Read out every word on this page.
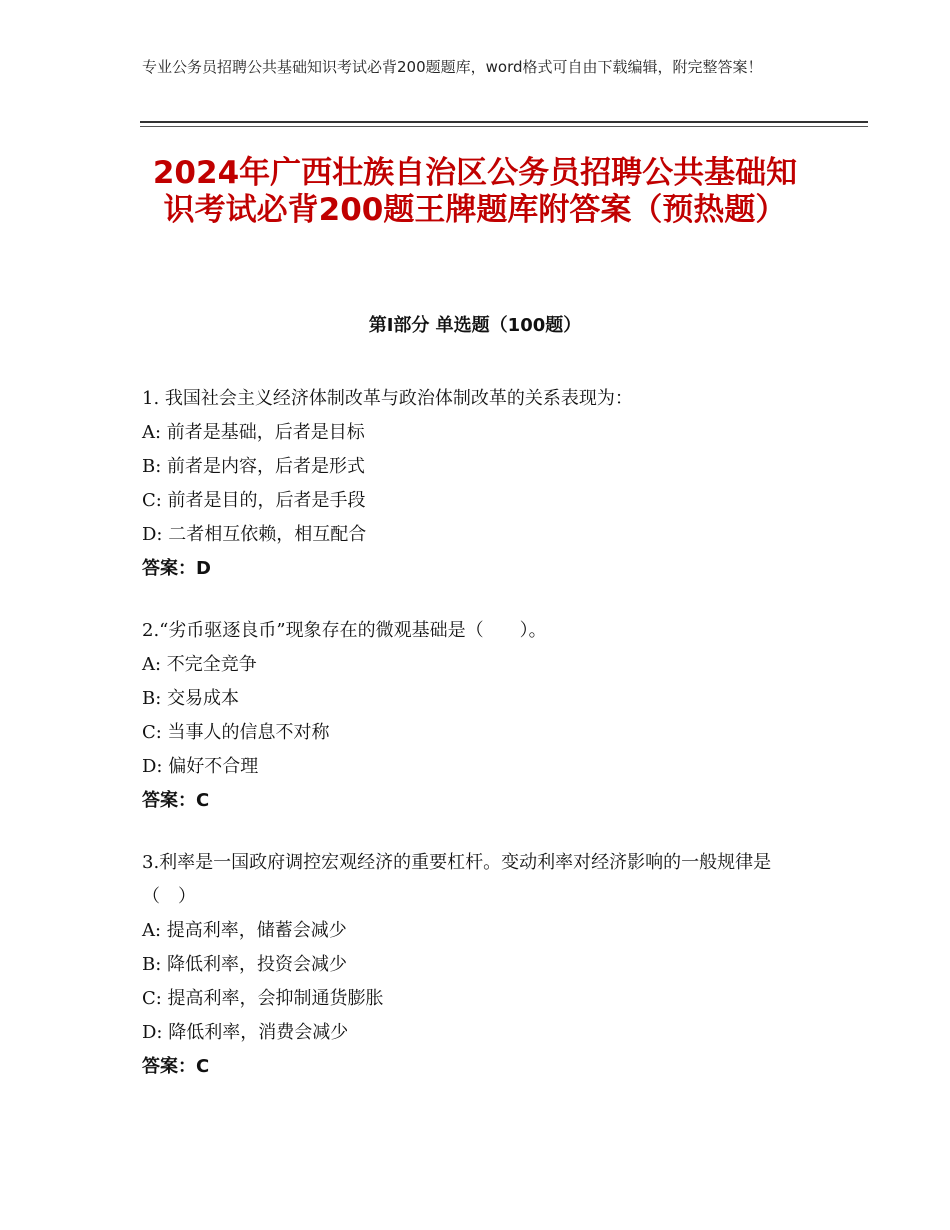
专业公务员招聘公共基础知识考试必背200题题库，word格式可自由下载编辑，附完整答案！
2024年广西壮族自治区公务员招聘公共基础知识考试必背200题王牌题库附答案（预热题）
第Ⅰ部分 单选题（100题）
1. 我国社会主义经济体制改革与政治体制改革的关系表现为：
A: 前者是基础，后者是目标
B: 前者是内容，后者是形式
C: 前者是目的，后者是手段
D: 二者相互依赖，相互配合
答案：D
2.“劣币驱逐良币”现象存在的微观基础是（　　）。
A: 不完全竞争
B: 交易成本
C: 当事人的信息不对称
D: 偏好不合理
答案：C
3.利率是一国政府调控宏观经济的重要杠杆。变动利率对经济影响的一般规律是（　）
A: 提高利率，储蓄会减少
B: 降低利率，投资会减少
C: 提高利率，会抑制通货膨胀
D: 降低利率，消费会减少
答案：C
